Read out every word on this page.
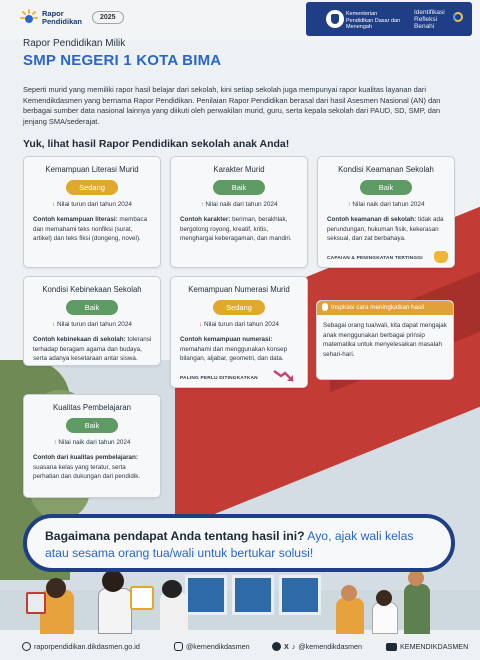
Rapor
Pendidikan	2025	Kementerian
Pendidikan Dasar dan
Menengah
Identifikasi
Refleksi
Benahi
Rapor Pendidikan Milik
SMP NEGERI 1 KOTA BIMA
Seperti murid yang memiliki rapor hasil belajar dari sekolah, kini setiap sekolah juga mempunyai rapor kualitas layanan dari Kemendikdasmen yang bernama Rapor Pendidikan. Penilaian Rapor Pendidikan berasal dari hasil Asesmen Nasional (AN) dan berbagai sumber data nasional lainnya yang diikuti oleh perwakilan murid, guru, serta kepala sekolah dari PAUD, SD, SMP, dan jenjang SMA/sederajat.
Yuk, lihat hasil Rapor Pendidikan sekolah anak Anda!
Kemampuan Literasi Murid
Sedang
↓ Nilai turun dari tahun 2024
Contoh kemampuan literasi: membaca dan memahami teks nonfiksi (surat, artikel) dan teks fiksi (dongeng, novel).
Karakter Murid
Baik
↑ Nilai naik dari tahun 2024
Contoh karakter: beriman, berakhlak, bergotong royong, kreatif, kritis, menghargai keberagaman, dan mandiri.
Kondisi Keamanan Sekolah
Baik
↑ Nilai naik dari tahun 2024
Contoh keamanan di sekolah: tidak ada perundungan, hukuman fisik, kekerasan seksual, dan zat berbahaya.
CAPAIAN & PENINGKATAN TERTINGGI
Kondisi Kebinekaan Sekolah
Baik
↓ Nilai turun dari tahun 2024
Contoh kebinekaan di sekolah: toleransi terhadap beragam agama dan budaya, serta adanya kesetaraan antar siswa.
Kemampuan Numerasi Murid
Sedang
↓ Nilai turun dari tahun 2024
Contoh kemampuan numerasi: memahami dan menggunakan konsep bilangan, aljabar, geometri, dan data.
PALING PERLU DITINGKATKAN
Inspirasi cara meningkatkan hasil
Sebagai orang tua/wali, kita dapat mengajak anak menggunakan berbagai prinsip matematika untuk menyelesaikan masalah sehari-hari.
Kualitas Pembelajaran
Baik
↑ Nilai naik dari tahun 2024
Contoh dari kualitas pembelajaran: suasana kelas yang teratur, serta perhatian dan dukungan dari pendidik.
Bagaimana pendapat Anda tentang hasil ini? Ayo, ajak wali kelas atau sesama orang tua/wali untuk bertukar solusi!
rapor​pendidikan.dikdasmen.go.id	@kemendikdasmen	X ♪ @kemendikdasmen	KEMENDIKDASMEN
